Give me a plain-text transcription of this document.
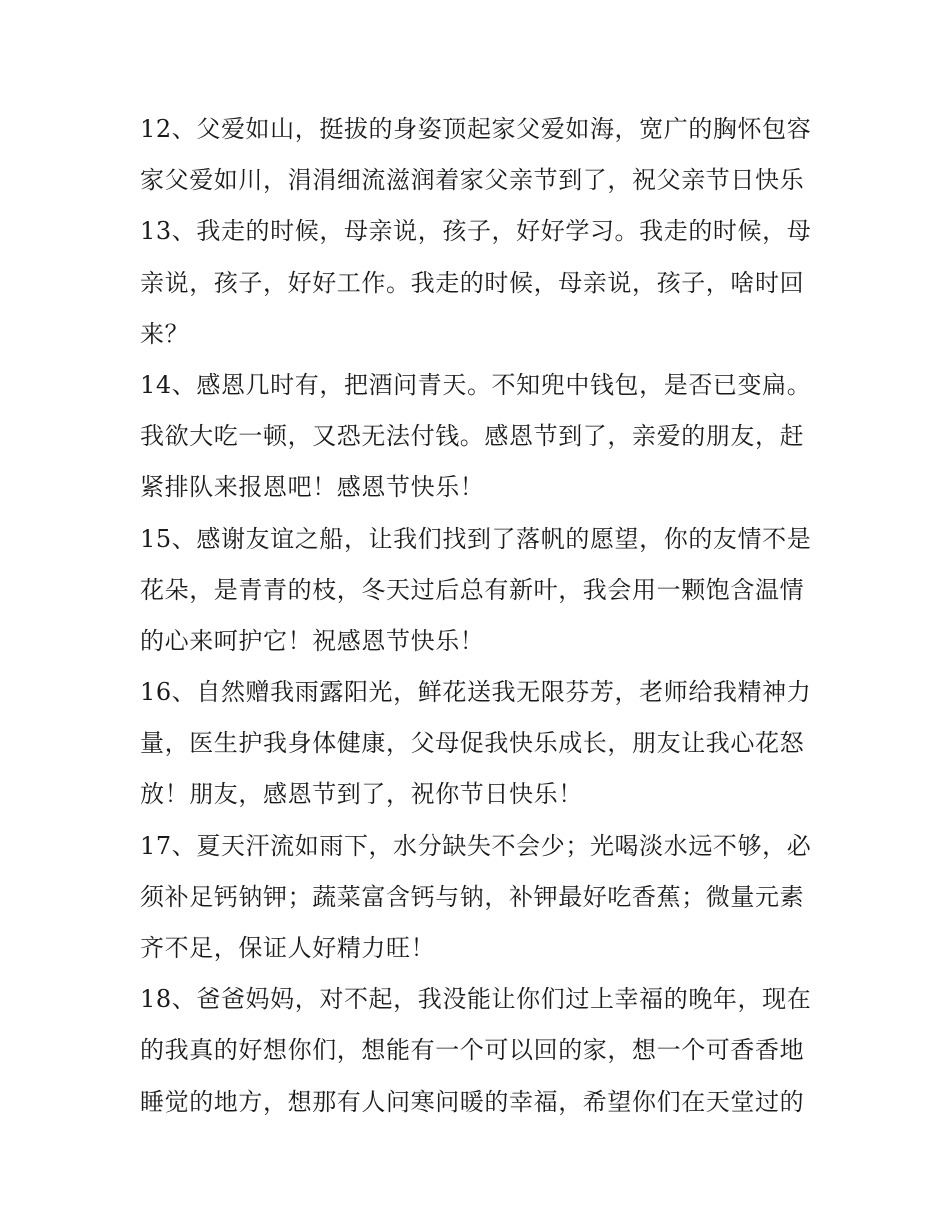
12、父爱如山，挺拔的身姿顶起家父爱如海，宽广的胸怀包容
家父爱如川，涓涓细流滋润着家父亲节到了，祝父亲节日快乐
13、我走的时候，母亲说，孩子，好好学习。我走的时候，母
亲说，孩子，好好工作。我走的时候，母亲说，孩子，啥时回
来？
14、感恩几时有，把酒问青天。不知兜中钱包，是否已变扁。
我欲大吃一顿，又恐无法付钱。感恩节到了，亲爱的朋友，赶
紧排队来报恩吧！感恩节快乐！
15、感谢友谊之船，让我们找到了落帆的愿望，你的友情不是
花朵，是青青的枝，冬天过后总有新叶，我会用一颗饱含温情
的心来呵护它！祝感恩节快乐！
16、自然赠我雨露阳光，鲜花送我无限芬芳，老师给我精神力
量，医生护我身体健康，父母促我快乐成长，朋友让我心花怒
放！朋友，感恩节到了，祝你节日快乐！
17、夏天汗流如雨下，水分缺失不会少；光喝淡水远不够，必
须补足钙钠钾；蔬菜富含钙与钠，补钾最好吃香蕉；微量元素
齐不足，保证人好精力旺！
18、爸爸妈妈，对不起，我没能让你们过上幸福的晚年，现在
的我真的好想你们，想能有一个可以回的家，想一个可香香地
睡觉的地方，想那有人问寒问暖的幸福，希望你们在天堂过的
